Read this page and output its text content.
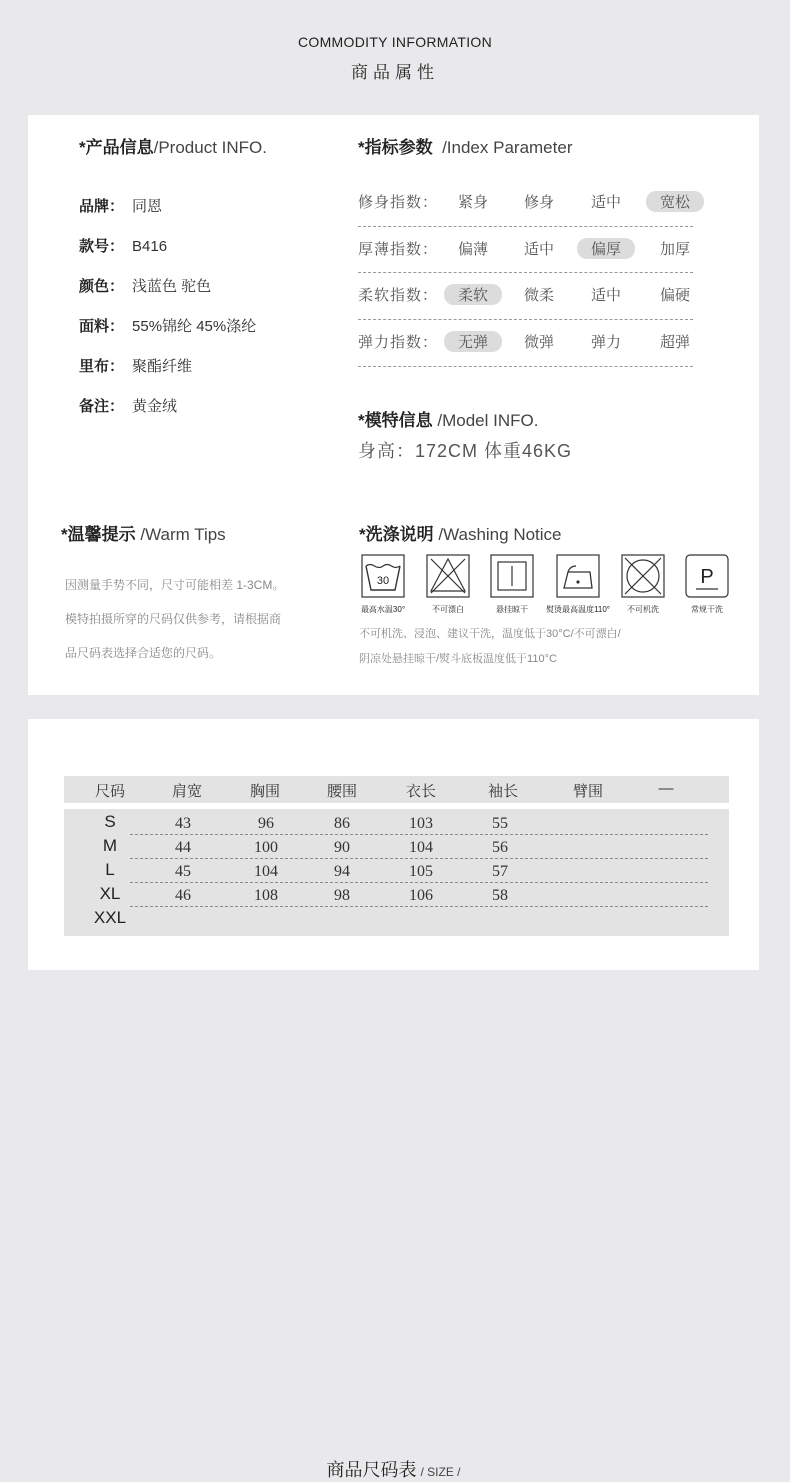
COMMODITY INFORMATION
商品属性
*产品信息/Product INFO.
品牌： 同恩
款号： B416
颜色： 浅蓝色 驼色
面料： 55%锦纶 45%涤纶
里布： 聚酯纤维
备注： 黄金绒
*指标参数 /Index Parameter
修身指数：	紧身	修身	适中	宽松
厚薄指数：	偏薄	适中	偏厚	加厚
柔软指数：	柔软	微柔	适中	偏硬
弹力指数：	无弹	微弹	弹力	超弹
*模特信息 /Model INFO.
身高：172CM 体重46KG
*温馨提示 /Warm Tips
因测量手势不同，尺寸可能相差 1-3CM。
模特拍摄所穿的尺码仅供参考，请根据商
品尺码表选择合适您的尺码。
*洗涤说明 /Washing Notice
30	P
最高水温30°	不可漂白	悬挂晾干	熨烫最高温度110°	不可机洗	常规干洗
不可机洗、浸泡、建议干洗，温度低于30°C/不可漂白/
阴凉处悬挂晾干/熨斗底板温度低于110°C
商品尺码表 / SIZE /
尺码	肩宽	胸围	腰围	衣长	袖长	臂围	—
S	43	96	86	103	55
M	44	100	90	104	56
L	45	104	94	105	57
XL	46	108	98	106	58
XXL
